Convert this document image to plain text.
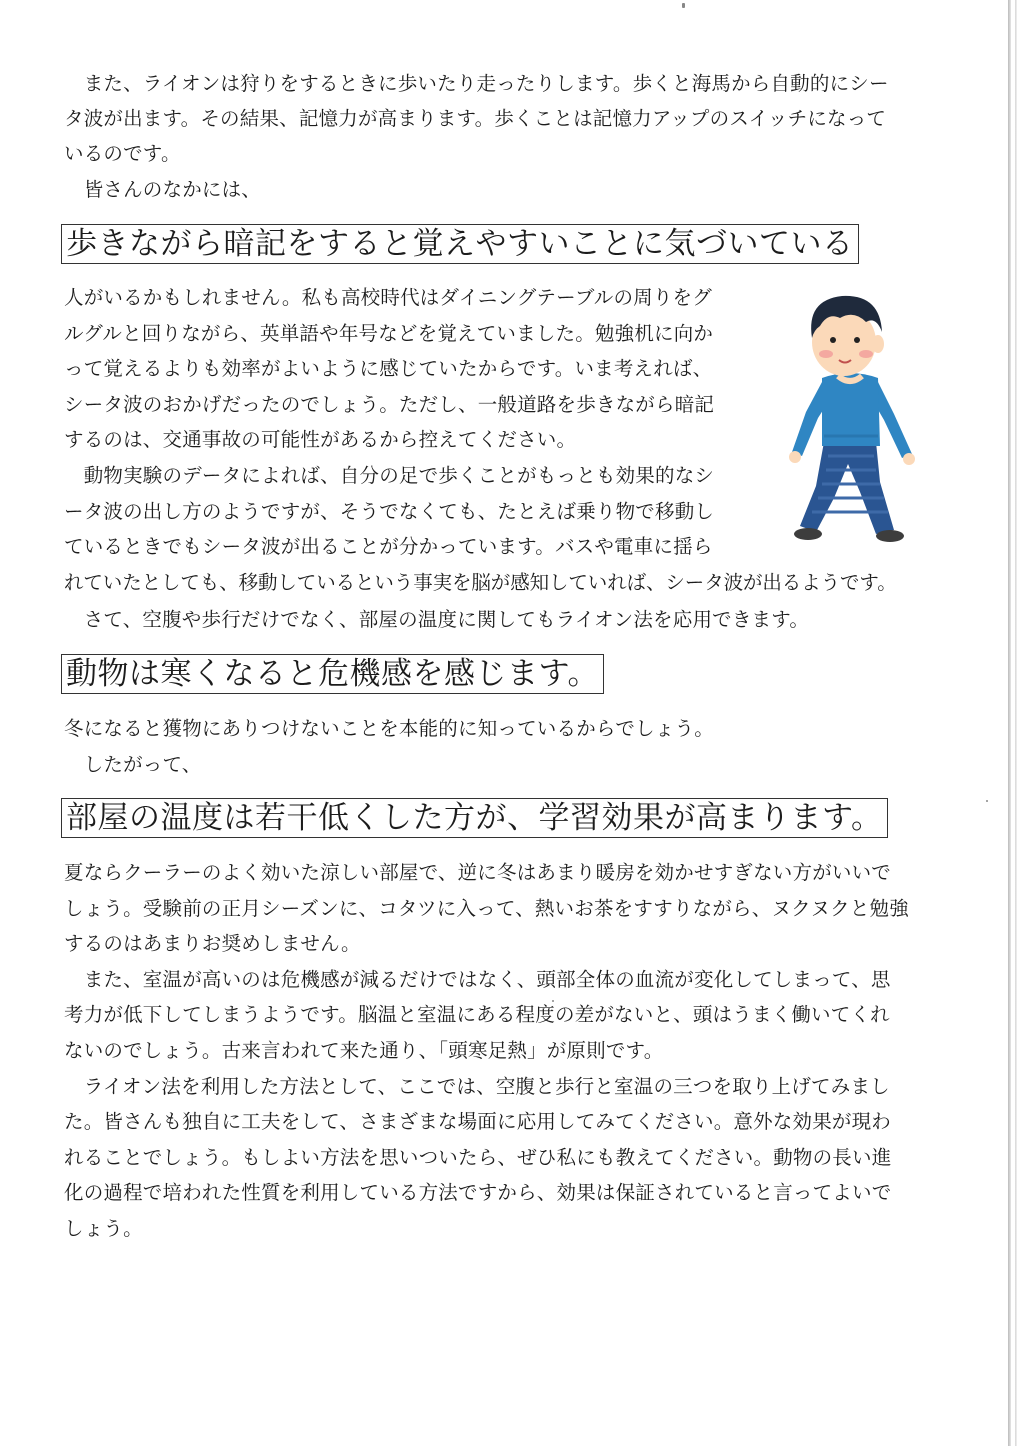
　また、ライオンは狩りをするときに歩いたり走ったりします。歩くと海馬から自動的にシー

タ波が出ます。その結果、記憶力が高まります。歩くことは記憶力アップのスイッチになって

いるのです。

　皆さんのなかには、

歩きながら暗記をすると覚えやすいことに気づいている

人がいるかもしれません。私も高校時代はダイニングテーブルの周りをグ

ルグルと回りながら、英単語や年号などを覚えていました。勉強机に向か

って覚えるよりも効率がよいように感じていたからです。いま考えれば、

シータ波のおかげだったのでしょう。ただし、一般道路を歩きながら暗記

するのは、交通事故の可能性があるから控えてください。

　動物実験のデータによれば、自分の足で歩くことがもっとも効果的なシ

ータ波の出し方のようですが、そうでなくても、たとえば乗り物で移動し

ているときでもシータ波が出ることが分かっています。バスや電車に揺ら

れていたとしても、移動しているという事実を脳が感知していれば、シータ波が出るようです。

　さて、空腹や歩行だけでなく、部屋の温度に関してもライオン法を応用できます。

動物は寒くなると危機感を感じます。

冬になると獲物にありつけないことを本能的に知っているからでしょう。

　したがって、

部屋の温度は若干低くした方が、学習効果が高まります。

夏ならクーラーのよく効いた涼しい部屋で、逆に冬はあまり暖房を効かせすぎない方がいいで

しょう。受験前の正月シーズンに、コタツに入って、熱いお茶をすすりながら、ヌクヌクと勉強

するのはあまりお奨めしません。

　また、室温が高いのは危機感が減るだけではなく、頭部全体の血流が変化してしまって、思

考力が低下してしまうようです。脳温と室温にある程度の差がないと、頭はうまく働いてくれ

ないのでしょう。古来言われて来た通り、「頭寒足熱」が原則です。

　ライオン法を利用した方法として、ここでは、空腹と歩行と室温の三つを取り上げてみまし

た。皆さんも独自に工夫をして、さまざまな場面に応用してみてください。意外な効果が現わ

れることでしょう。もしよい方法を思いついたら、ぜひ私にも教えてください。動物の長い進

化の過程で培われた性質を利用している方法ですから、効果は保証されていると言ってよいで

しょう。
